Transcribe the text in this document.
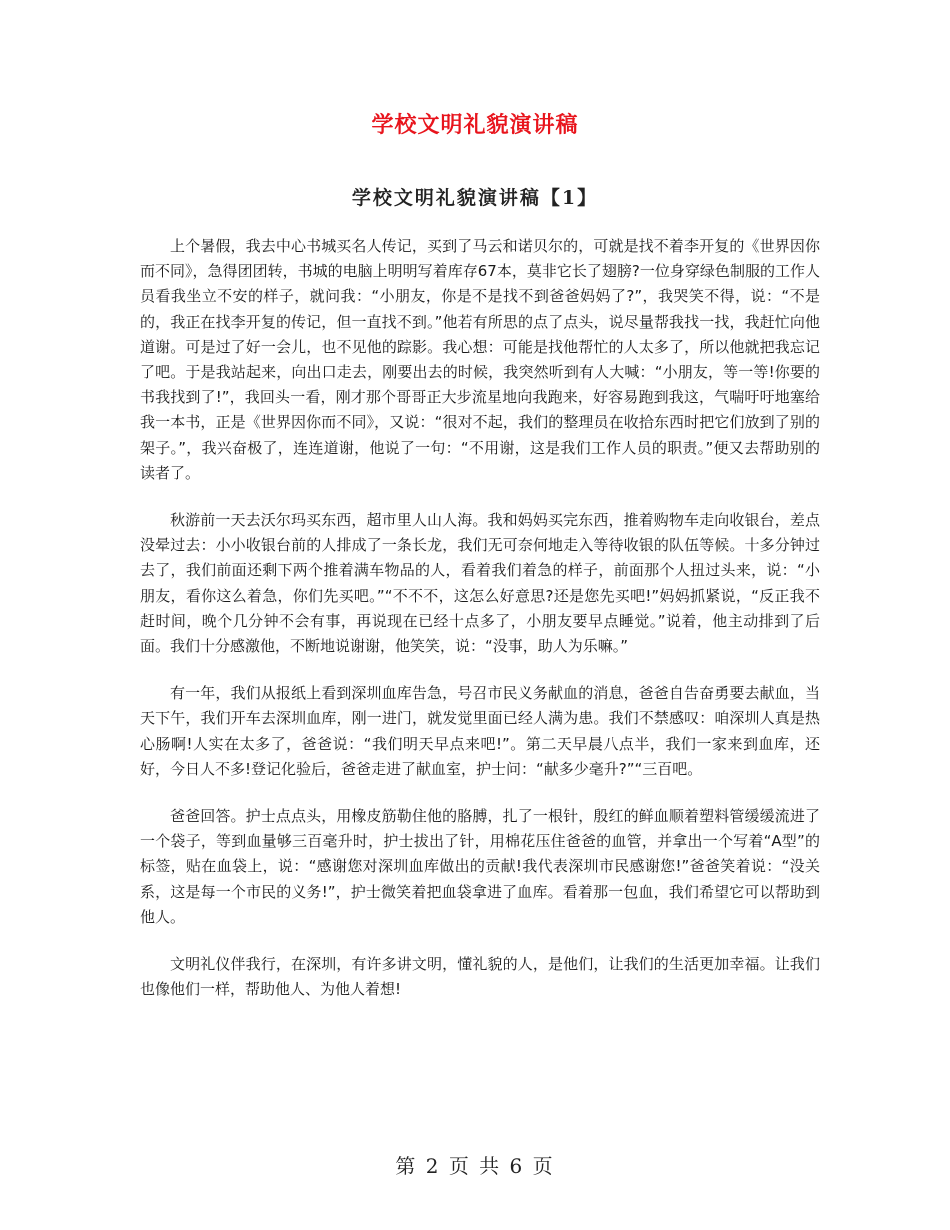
学校文明礼貌演讲稿
学校文明礼貌演讲稿【1】

上个暑假，我去中心书城买名人传记，买到了马云和诺贝尔的，可就是找不着李开复的《世界因你而不同》，急得团团转，书城的电脑上明明写着库存67本，莫非它长了翅膀?一位身穿绿色制服的工作人员看我坐立不安的样子，就问我：“小朋友，你是不是找不到爸爸妈妈了?”，我哭笑不得，说：“不是的，我正在找李开复的传记，但一直找不到。”他若有所思的点了点头，说尽量帮我找一找，我赶忙向他道谢。可是过了好一会儿，也不见他的踪影。我心想：可能是找他帮忙的人太多了，所以他就把我忘记了吧。于是我站起来，向出口走去，刚要出去的时候，我突然听到有人大喊：“小朋友，等一等!你要的书我找到了!”，我回头一看，刚才那个哥哥正大步流星地向我跑来，好容易跑到我这，气喘吁吁地塞给我一本书，正是《世界因你而不同》，又说：“很对不起，我们的整理员在收拾东西时把它们放到了别的架子。”，我兴奋极了，连连道谢，他说了一句：“不用谢，这是我们工作人员的职责。”便又去帮助别的读者了。

秋游前一天去沃尔玛买东西，超市里人山人海。我和妈妈买完东西，推着购物车走向收银台，差点没晕过去：小小收银台前的人排成了一条长龙，我们无可奈何地走入等待收银的队伍等候。十多分钟过去了，我们前面还剩下两个推着满车物品的人，看着我们着急的样子，前面那个人扭过头来，说：“小朋友，看你这么着急，你们先买吧。”“不不不，这怎么好意思?还是您先买吧!”妈妈抓紧说，“反正我不赶时间，晚个几分钟不会有事，再说现在已经十点多了，小朋友要早点睡觉。”说着，他主动排到了后面。我们十分感激他，不断地说谢谢，他笑笑，说：“没事，助人为乐嘛。”

有一年，我们从报纸上看到深圳血库告急，号召市民义务献血的消息，爸爸自告奋勇要去献血，当天下午，我们开车去深圳血库，刚一进门，就发觉里面已经人满为患。我们不禁感叹：咱深圳人真是热心肠啊!人实在太多了，爸爸说：“我们明天早点来吧!”。第二天早晨八点半，我们一家来到血库，还好，今日人不多!登记化验后，爸爸走进了献血室，护士问：“献多少毫升?”“三百吧。

爸爸回答。护士点点头，用橡皮筋勒住他的胳膊，扎了一根针，殷红的鲜血顺着塑料管缓缓流进了一个袋子，等到血量够三百毫升时，护士拔出了针，用棉花压住爸爸的血管，并拿出一个写着“A型”的标签，贴在血袋上，说：“感谢您对深圳血库做出的贡献!我代表深圳市民感谢您!”爸爸笑着说：“没关系，这是每一个市民的义务!”，护士微笑着把血袋拿进了血库。看着那一包血，我们希望它可以帮助到他人。

文明礼仪伴我行，在深圳，有许多讲文明，懂礼貌的人，是他们，让我们的生活更加幸福。让我们也像他们一样，帮助他人、为他人着想!

第 2 页 共 6 页
